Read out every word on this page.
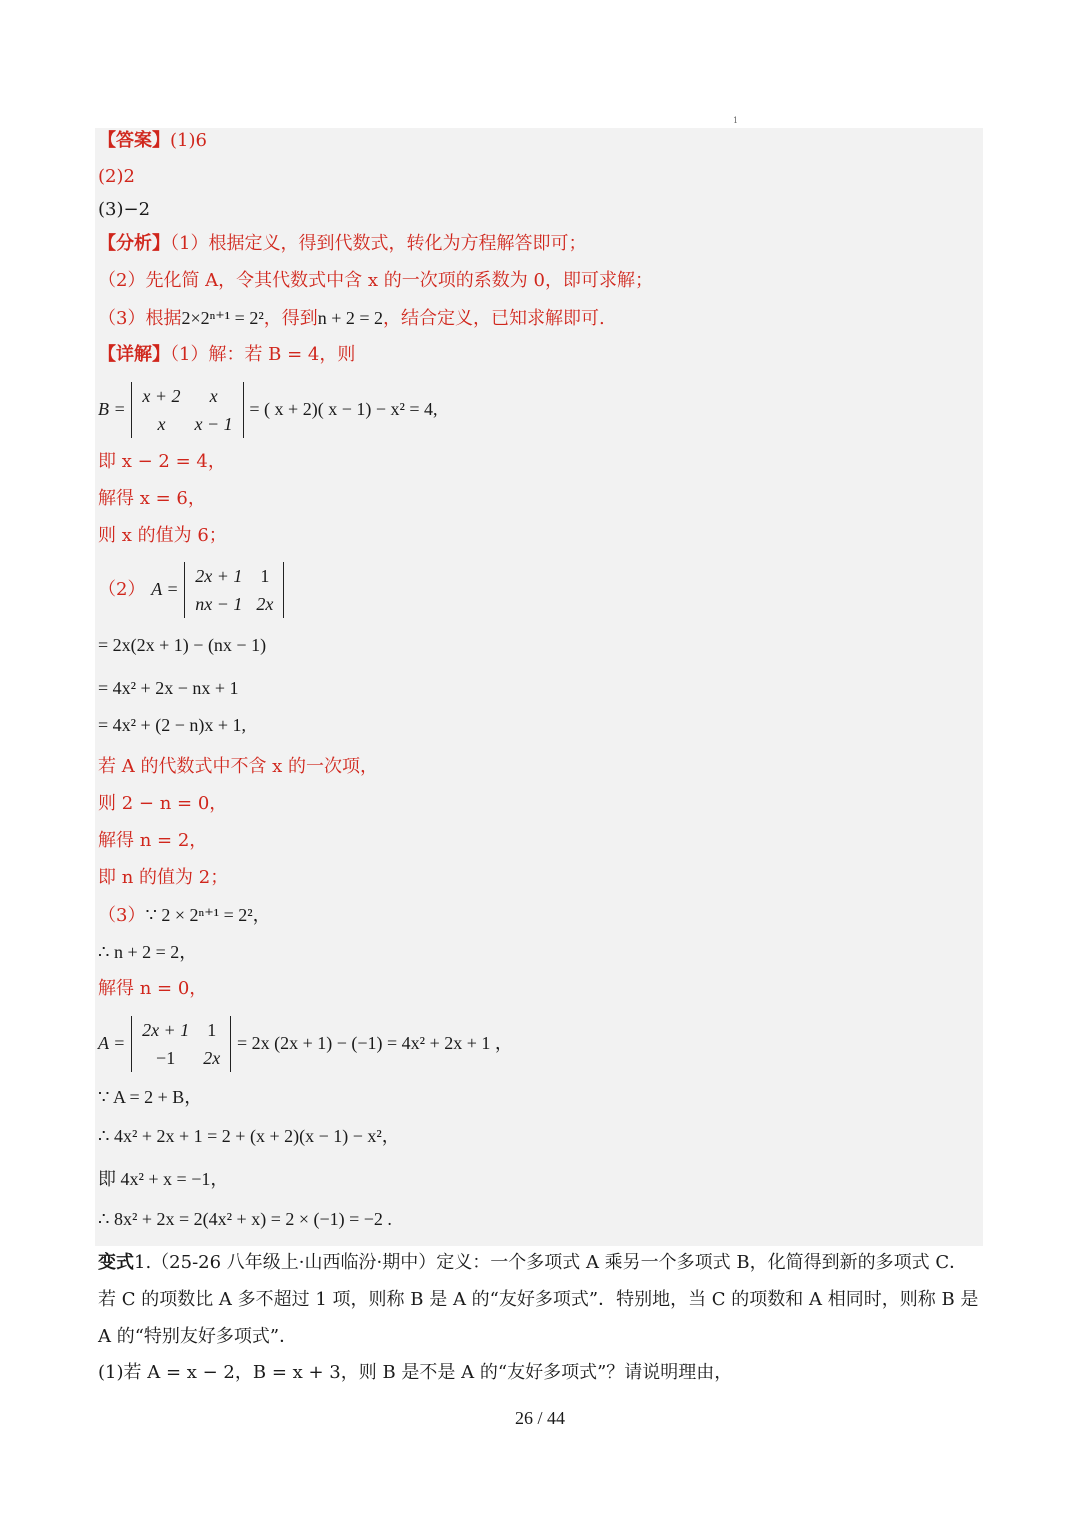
1
【答案】(1)6
(2)2
(3)−2
【分析】（1）根据定义，得到代数式，转化为方程解答即可；
（2）先化简 A，令其代数式中含 x 的一次项的系数为 0，即可求解；
（3）根据2×2ⁿ⁺¹ = 2²，得到n + 2 = 2，结合定义，已知求解即可.
【详解】（1）解：若 B = 4，则
B =
x + 2	x
x	x − 1
= ( x + 2)( x − 1) − x² = 4,
即 x − 2 = 4，
解得 x = 6，
则 x 的值为 6；
（2） A =
2x + 1	1
nx − 1	2x
= 2x(2x + 1) − (nx − 1)
= 4x² + 2x − nx + 1
= 4x² + (2 − n)x + 1,
若 A 的代数式中不含 x 的一次项，
则 2 − n = 0，
解得 n = 2，
即 n 的值为 2；
（3）∵ 2 × 2ⁿ⁺¹ = 2²，
∴ n + 2 = 2，
解得 n = 0，
A =
2x + 1	1
−1	2x
= 2x (2x + 1) − (−1) = 4x² + 2x + 1 ，
∵ A = 2 + B，
∴ 4x² + 2x + 1 = 2 + (x + 2)(x − 1) − x²，
即 4x² + x = −1，
∴ 8x² + 2x = 2(4x² + x) = 2 × (−1) = −2 .
变式1.（25-26 八年级上·山西临汾·期中）定义：一个多项式 A 乘另一个多项式 B，化简得到新的多项式 C．若 C 的项数比 A 多不超过 1 项，则称 B 是 A 的“友好多项式”．特别地，当 C 的项数和 A 相同时，则称 B 是 A 的“特别友好多项式”．
(1)若 A = x − 2，B = x + 3，则 B 是不是 A 的“友好多项式”？请说明理由，
26 / 44
